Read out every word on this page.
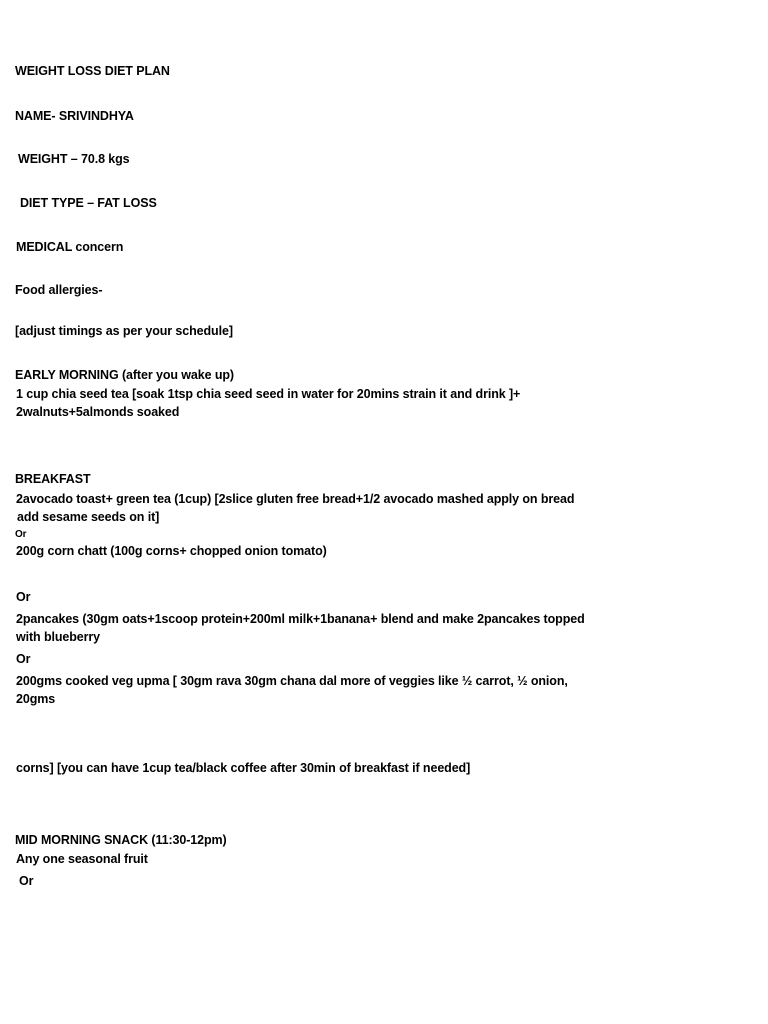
WEIGHT LOSS DIET PLAN
NAME- SRIVINDHYA
WEIGHT – 70.8 kgs
DIET TYPE – FAT LOSS
MEDICAL concern
Food allergies-
[adjust timings as per your schedule]
EARLY MORNING (after you wake up)
1 cup chia seed tea [soak 1tsp chia seed seed in water for 20mins strain it and drink ]+
2walnuts+5almonds soaked
BREAKFAST
2avocado toast+ green tea (1cup) [2slice gluten free bread+1/2 avocado mashed apply on bread
add sesame seeds on it]
Or
200g corn chatt (100g corns+ chopped onion tomato)
Or
2pancakes (30gm oats+1scoop protein+200ml milk+1banana+ blend and make 2pancakes topped
with blueberry
Or
200gms cooked veg upma [ 30gm rava 30gm chana dal more of veggies like ½ carrot, ½ onion,
20gms
corns] [you can have 1cup tea/black coffee after 30min of breakfast if needed]
MID MORNING SNACK (11:30-12pm)
Any one seasonal fruit
Or
